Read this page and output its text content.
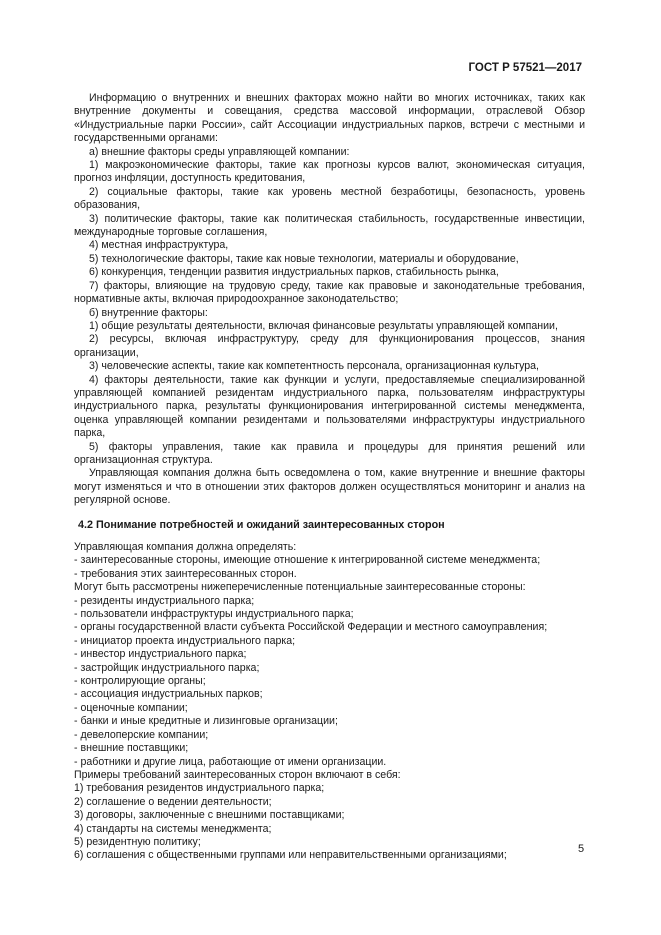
ГОСТ Р 57521—2017

Информацию о внутренних и внешних факторах можно найти во многих источниках, таких как внутренние документы и совещания, средства массовой информации, отраслевой Обзор «Индустриальные парки России», сайт Ассоциации индустриальных парков, встречи с местными и государственными органами:

а) внешние факторы среды управляющей компании:

1) макроэкономические факторы, такие как прогнозы курсов валют, экономическая ситуация, прогноз инфляции, доступность кредитования,

2) социальные факторы, такие как уровень местной безработицы, безопасность, уровень образования,

3) политические факторы, такие как политическая стабильность, государственные инвестиции, международные торговые соглашения,

4) местная инфраструктура,

5) технологические факторы, такие как новые технологии, материалы и оборудование,

6) конкуренция, тенденции развития индустриальных парков, стабильность рынка,

7) факторы, влияющие на трудовую среду, такие как правовые и законодательные требования, нормативные акты, включая природоохранное законодательство;

б) внутренние факторы:

1) общие результаты деятельности, включая финансовые результаты управляющей компании,

2) ресурсы, включая инфраструктуру, среду для функционирования процессов, знания организации,

3) человеческие аспекты, такие как компетентность персонала, организационная культура,

4) факторы деятельности, такие как функции и услуги, предоставляемые специализированной управляющей компанией резидентам индустриального парка, пользователям инфраструктуры индустриального парка, результаты функционирования интегрированной системы менеджмента, оценка управляющей компании резидентами и пользователями инфраструктуры индустриального парка,

5) факторы управления, такие как правила и процедуры для принятия решений или организационная структура.

Управляющая компания должна быть осведомлена о том, какие внутренние и внешние факторы могут изменяться и что в отношении этих факторов должен осуществляться мониторинг и анализ на регулярной основе.

4.2 Понимание потребностей и ожиданий заинтересованных сторон

Управляющая компания должна определять:

- заинтересованные стороны, имеющие отношение к интегрированной системе менеджмента;

- требования этих заинтересованных сторон.

Могут быть рассмотрены нижеперечисленные потенциальные заинтересованные стороны:

- резиденты индустриального парка;

- пользователи инфраструктуры индустриального парка;

- органы государственной власти субъекта Российской Федерации и местного самоуправления;

- инициатор проекта индустриального парка;

- инвестор индустриального парка;

- застройщик индустриального парка;

- контролирующие органы;

- ассоциация индустриальных парков;

- оценочные компании;

- банки и иные кредитные и лизинговые организации;

- девелоперские компании;

- внешние поставщики;

- работники и другие лица, работающие от имени организации.

Примеры требований заинтересованных сторон включают в себя:

1) требования резидентов индустриального парка;

2) соглашение о ведении деятельности;

3) договоры, заключенные с внешними поставщиками;

4) стандарты на системы менеджмента;

5) резидентную политику;

6) соглашения с общественными группами или неправительственными организациями;

5
